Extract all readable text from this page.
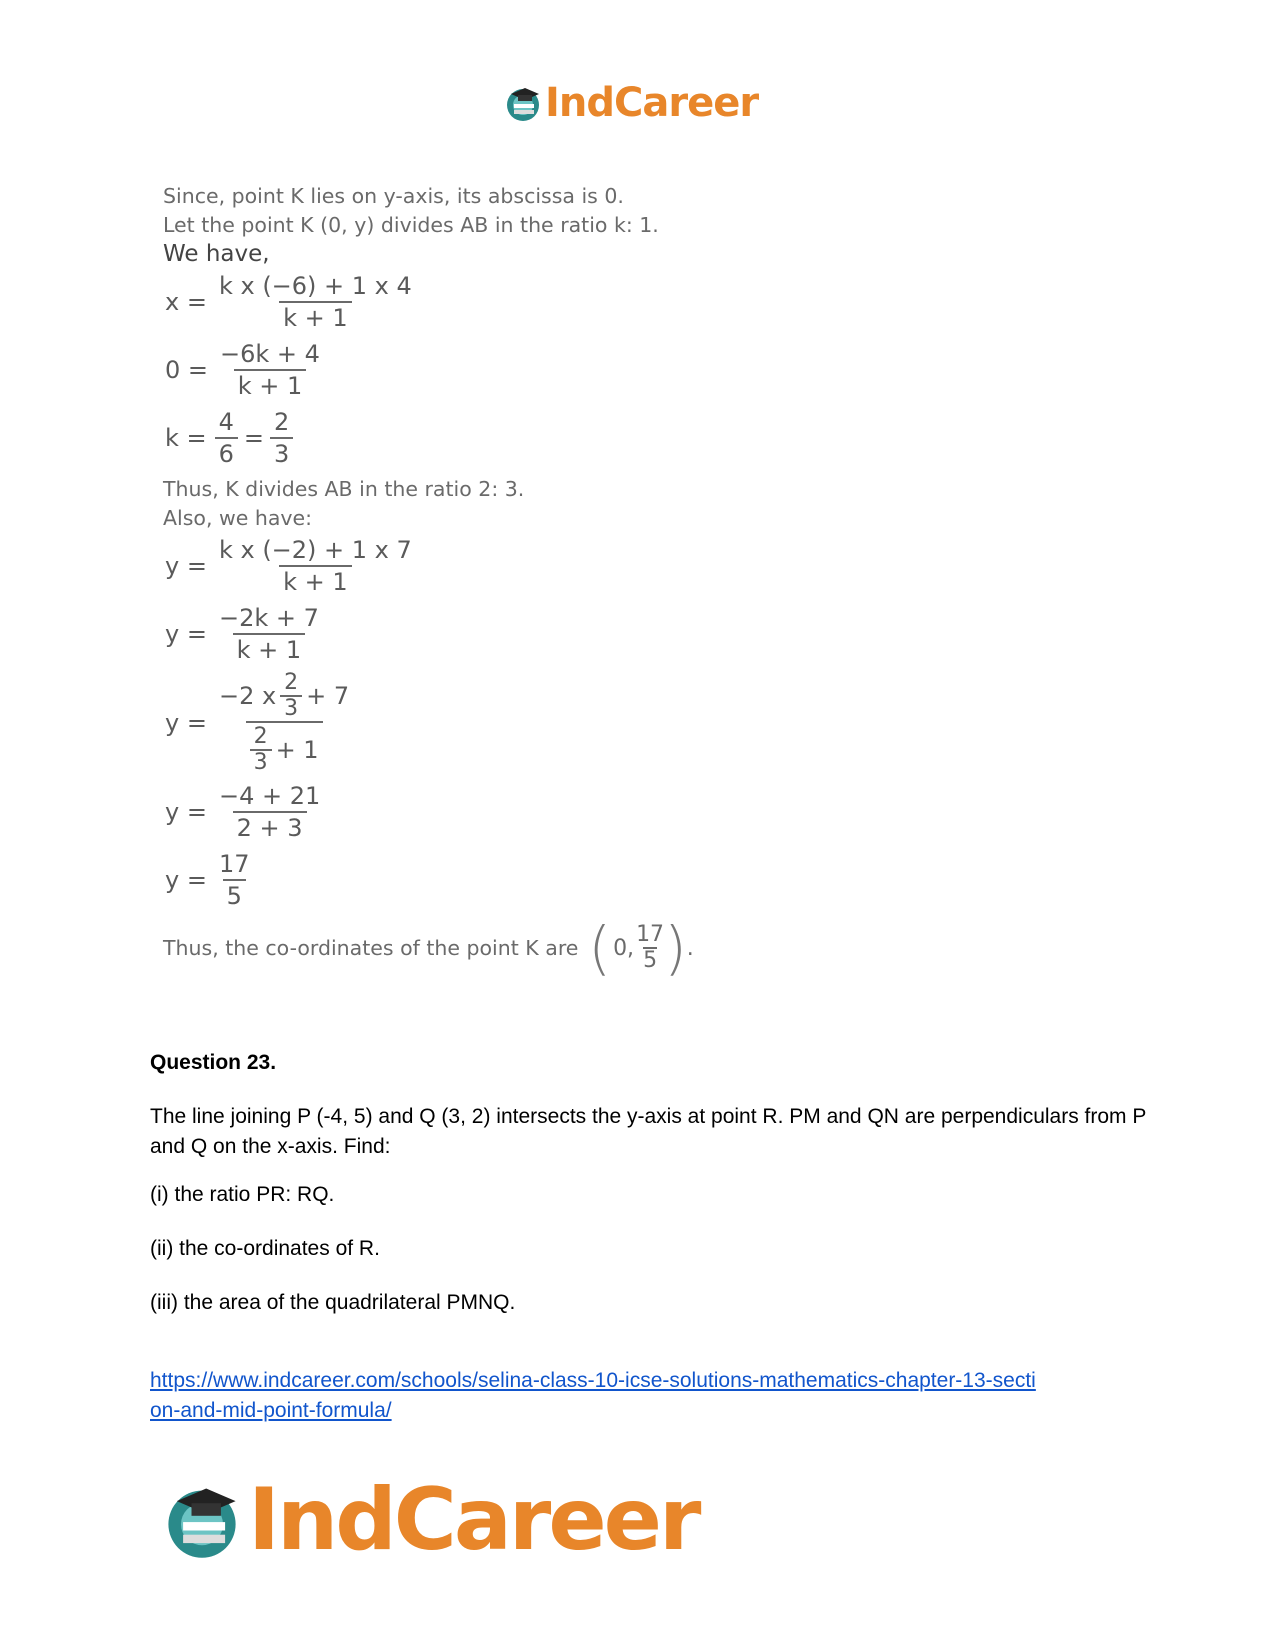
IndCareer
Since, point K lies on y-axis, its abscissa is 0.
Let the point K (0, y) divides AB in the ratio k: 1.
We have,
$x = \frac{\text{k x (−6) + 1 x 4}}{k + 1}$
$0 = \frac{-6k + 4}{k + 1}$
$k = \frac{4}{6} = \frac{2}{3}$
Thus, K divides AB in the ratio 2: 3.
Also, we have:
$y = \frac{\text{k x (−2) + 1 x 7}}{k + 1}$
$y = \frac{-2k + 7}{k + 1}$
$y = \frac{-2 x \frac{2}{3} + 7}{\frac{2}{3} + 1}$
$y = \frac{-4 + 21}{2 + 3}$
$y = \frac{17}{5}$
Thus, the co-ordinates of the point K are ( 0, $\frac{17}{5}$ ) .
Question 23.
The line joining P (-4, 5) and Q (3, 2) intersects the y-axis at point R. PM and QN are perpendiculars from P and Q on the x-axis. Find:
(i) the ratio PR: RQ.
(ii) the co-ordinates of R.
(iii) the area of the quadrilateral PMNQ.
https://www.indcareer.com/schools/selina-class-10-icse-solutions-mathematics-chapter-13-secti
on-and-mid-point-formula/
IndCareer
